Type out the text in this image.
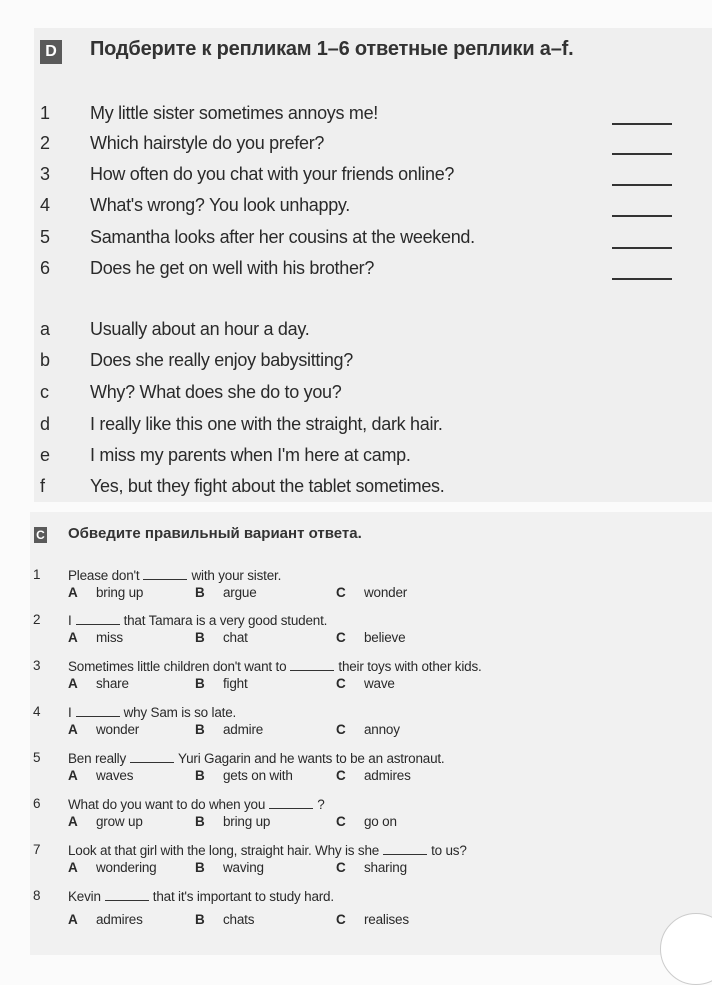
D Подберите к репликам 1–6 ответные реплики a–f.
1	My little sister sometimes annoys me!
2	Which hairstyle do you prefer?
3	How often do you chat with your friends online?
4	What's wrong? You look unhappy.
5	Samantha looks after her cousins at the weekend.
6	Does he get on well with his brother?
a	Usually about an hour a day.
b	Does she really enjoy babysitting?
c	Why? What does she do to you?
d	I really like this one with the straight, dark hair.
e	I miss my parents when I'm here at camp.
f	Yes, but they fight about the tablet sometimes.
C Обведите правильный вариант ответа.
1 Please don't	with your sister.
A bring up	B argue	C wonder
2 I	that Tamara is a very good student.
A miss	B chat	C believe
3 Sometimes little children don't want to	their toys with other kids.
A share	B fight	C wave
4 I	why Sam is so late.
A wonder	B admire	C annoy
5 Ben really	Yuri Gagarin and he wants to be an astronaut.
A waves	B gets on with	C admires
6 What do you want to do when you	?
A grow up	B bring up	C go on
7 Look at that girl with the long, straight hair. Why is she	to us?
A wondering	B waving	C sharing
8 Kevin	that it's important to study hard.
A admires	B chats	C realises
